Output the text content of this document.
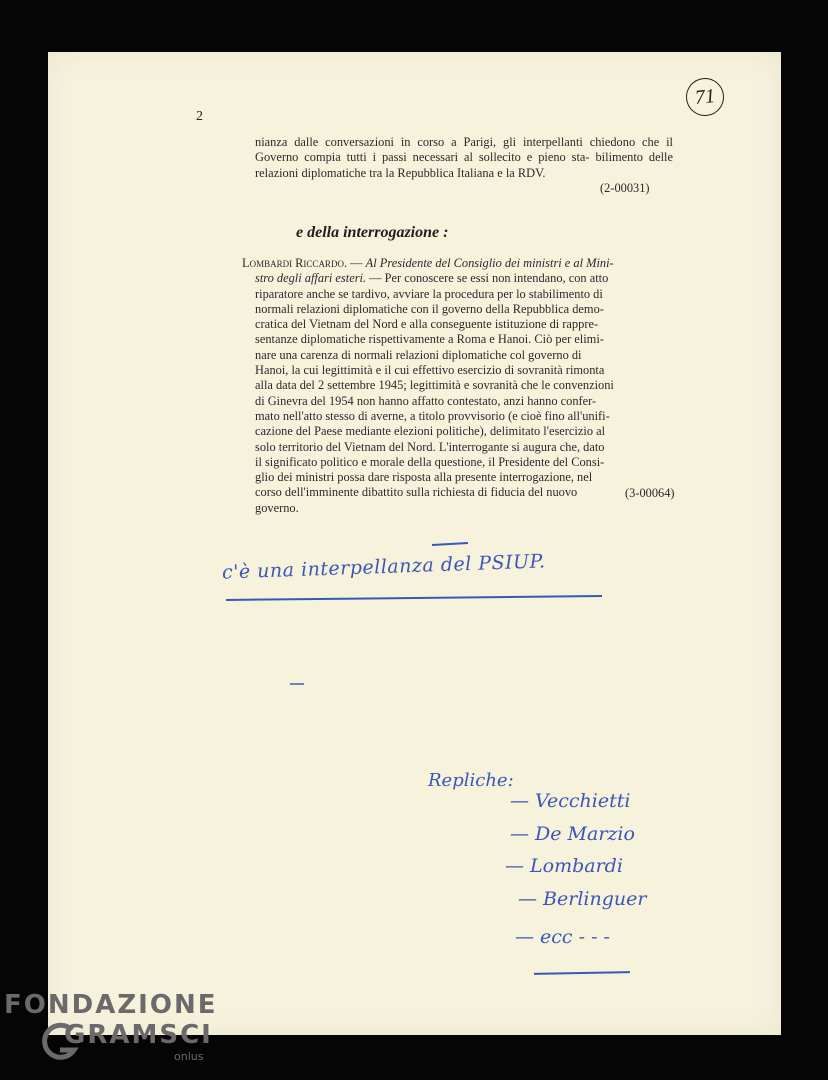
2
71

nianza dalle conversazioni in corso a Parigi, gli interpellanti chiedono che il Governo compia tutti i passi necessari al sollecito e pieno sta- bilimento delle relazioni diplomatiche tra la Repubblica Italiana e la RDV.

(2-00031)
e della interrogazione :
Lombardi Riccardo. — Al Presidente del Consiglio dei ministri e al Mini-
stro degli affari esteri. — Per conoscere se essi non intendano, con atto
riparatore anche se tardivo, avviare la procedura per lo stabilimento di
normali relazioni diplomatiche con il governo della Repubblica demo-
cratica del Vietnam del Nord e alla conseguente istituzione di rappre-
sentanze diplomatiche rispettivamente a Roma e Hanoi. Ciò per elimi-
nare una carenza di normali relazioni diplomatiche col governo di
Hanoi, la cui legittimità e il cui effettivo esercizio di sovranità rimonta
alla data del 2 settembre 1945; legittimità e sovranità che le convenzioni
di Ginevra del 1954 non hanno affatto contestato, anzi hanno confer-
mato nell'atto stesso di averne, a titolo provvisorio (e cioè fino all'unifi-
cazione del Paese mediante elezioni politiche), delimitato l'esercizio al
solo territorio del Vietnam del Nord. L'interrogante si augura che, dato
il significato politico e morale della questione, il Presidente del Consi-
glio dei ministri possa dare risposta alla presente interrogazione, nel
corso dell'imminente dibattito sulla richiesta di fiducia del nuovo
governo.
(3-00064)
c'è una interpellanza del PSIUP.
Repliche:
— Vecchietti
— De Marzio
— Lombardi
— Berlinguer
— ecc - - -
FONDAZIONE
GRAMSCI
onlus
